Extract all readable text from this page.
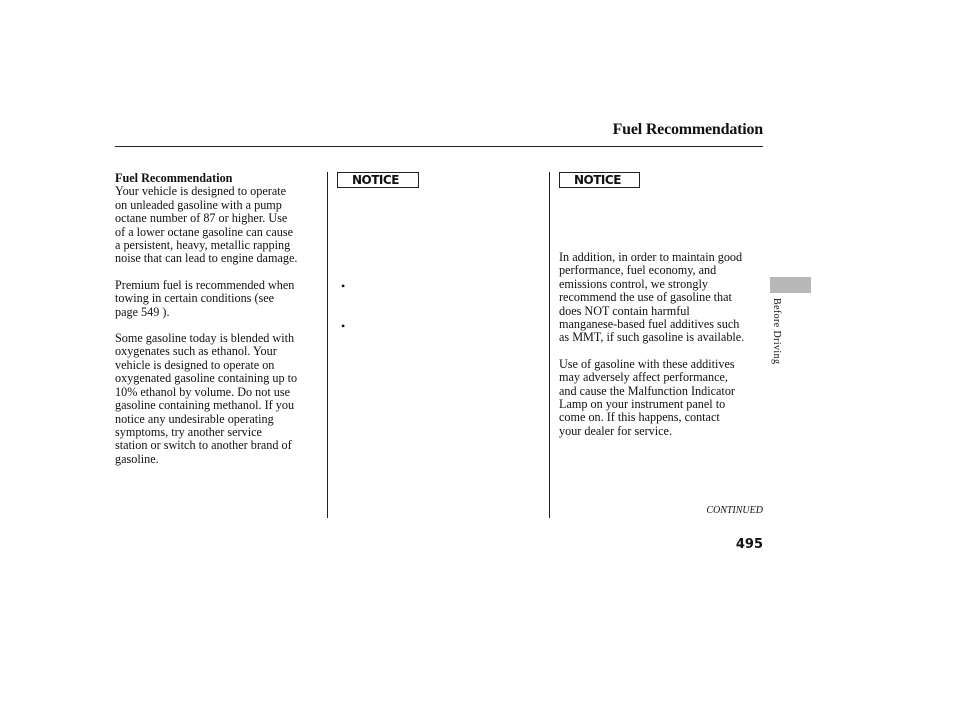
Fuel Recommendation
Fuel Recommendation

Your vehicle is designed to operate
on unleaded gasoline with a pump
octane number of 87 or higher. Use
of a lower octane gasoline can cause
a persistent, heavy, metallic rapping
noise that can lead to engine damage.

Premium fuel is recommended when
towing in certain conditions (see
page 549 ).

Some gasoline today is blended with
oxygenates such as ethanol. Your
vehicle is designed to operate on
oxygenated gasoline containing up to
10% ethanol by volume. Do not use
gasoline containing methanol. If you
notice any undesirable operating
symptoms, try another service
station or switch to another brand of
gasoline.

NOTICE
•
•
NOTICE

In addition, in order to maintain good
performance, fuel economy, and
emissions control, we strongly
recommend the use of gasoline that
does NOT contain harmful
manganese-based fuel additives such
as MMT, if such gasoline is available.

Use of gasoline with these additives
may adversely affect performance,
and cause the Malfunction Indicator
Lamp on your instrument panel to
come on. If this happens, contact
your dealer for service.

Before Driving
CONTINUED
495
